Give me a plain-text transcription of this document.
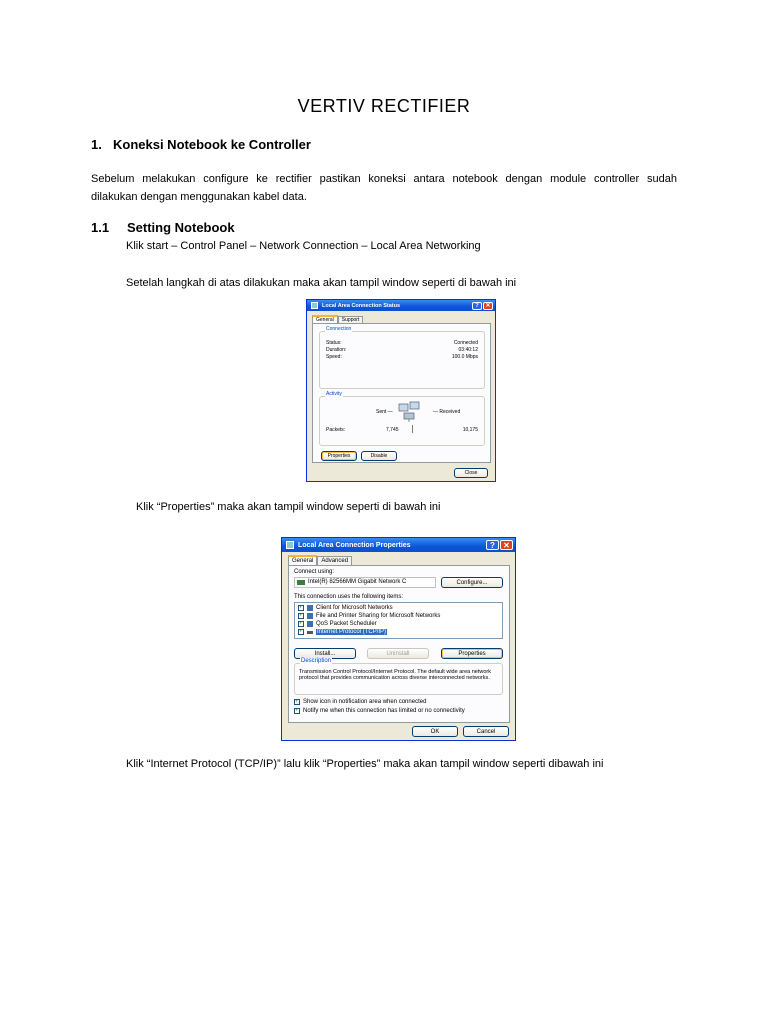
VERTIV RECTIFIER
1. Koneksi Notebook ke Controller
Sebelum melakukan configure ke rectifier pastikan koneksi antara notebook dengan module controller sudah
dilakukan dengan menggunakan kabel data.
1.1 Setting Notebook
Klik start – Control Panel – Network Connection – Local Area Networking
Setelah langkah di atas dilakukan maka akan tampil window seperti di bawah ini
Local Area Connection Status	?	✕
General	Support
Connection
Status:	Connected
Duration:	03:40:12
Speed:	100.0 Mbps
Activity
Sent —	— Received
Packets:	7,745	10,175
Properties	Disable
Close
Klik “Properties” maka akan tampil window seperti di bawah ini
Local Area Connection Properties	?	✕
General	Advanced
Connect using:
Intel(R) 82566MM Gigabit Network C	Configure...
This connection uses the following items:
✓
Client for Microsoft Networks
✓
File and Printer Sharing for Microsoft Networks
✓
QoS Packet Scheduler
✓
Internet Protocol (TCP/IP)
Install...	Uninstall	Properties
Description
Transmission Control Protocol/Internet Protocol. The default wide area network protocol that provides communication across diverse interconnected networks.
✓
Show icon in notification area when connected
✓
Notify me when this connection has limited or no connectivity
OK	Cancel
Klik “Internet Protocol (TCP/IP)” lalu klik “Properties” maka akan tampil window seperti dibawah ini
